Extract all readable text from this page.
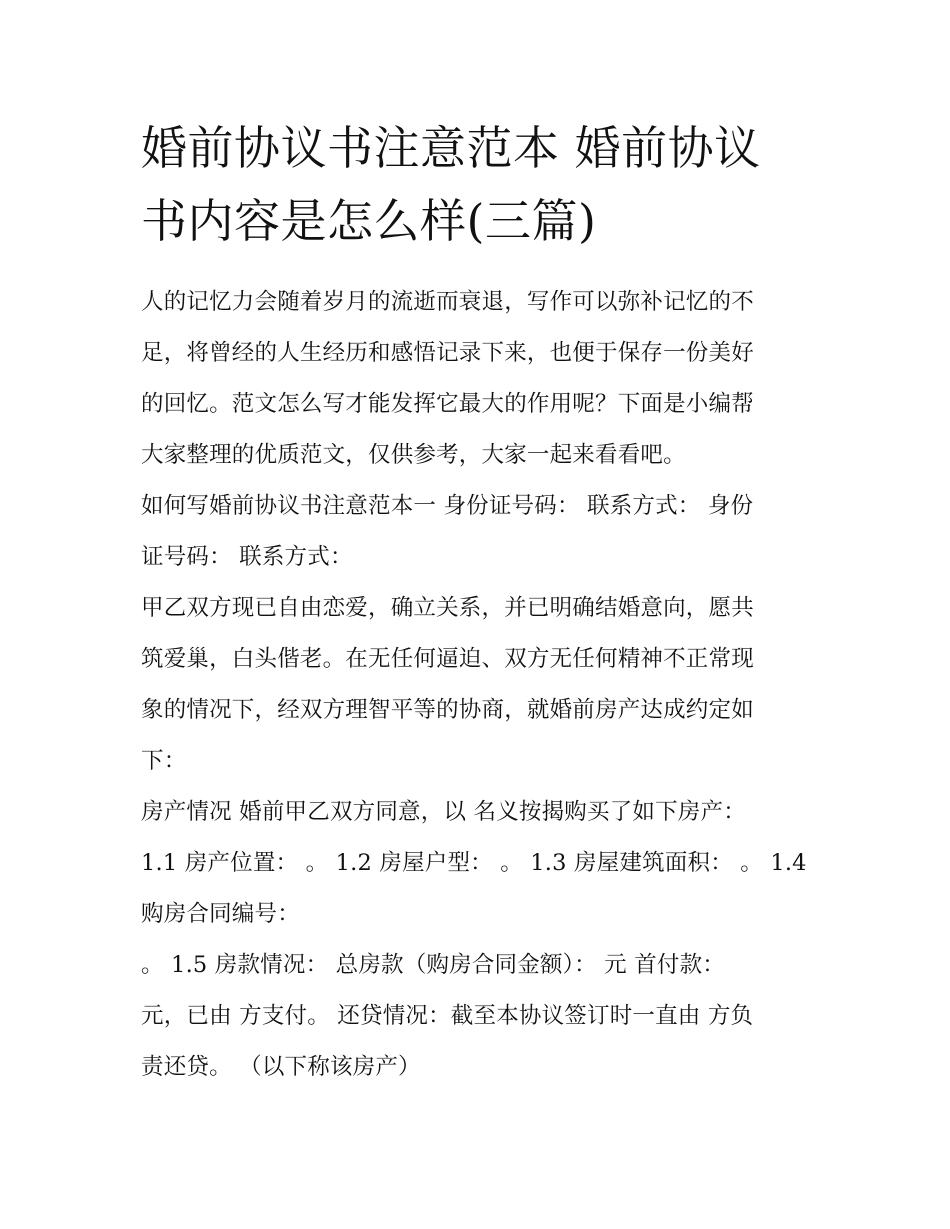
婚前协议书注意范本 婚前协议
书内容是怎么样(三篇)

人的记忆力会随着岁月的流逝而衰退，写作可以弥补记忆的不
足，将曾经的人生经历和感悟记录下来，也便于保存一份美好
的回忆。范文怎么写才能发挥它最大的作用呢？下面是小编帮
大家整理的优质范文，仅供参考，大家一起来看看吧。

如何写婚前协议书注意范本一 身份证号码： 联系方式： 身份
证号码： 联系方式：

甲乙双方现已自由恋爱，确立关系，并已明确结婚意向，愿共
筑爱巢，白头偕老。在无任何逼迫、双方无任何精神不正常现
象的情况下，经双方理智平等的协商，就婚前房产达成约定如
下：

房产情况 婚前甲乙双方同意，以 名义按揭购买了如下房产：

1.1 房产位置： 。 1.2 房屋户型： 。 1.3 房屋建筑面积： 。 1.4
购房合同编号：

。 1.5 房款情况： 总房款（购房合同金额）： 元 首付款：

元，已由 方支付。 还贷情况：截至本协议签订时一直由 方负
责还贷。 （以下称该房产）
